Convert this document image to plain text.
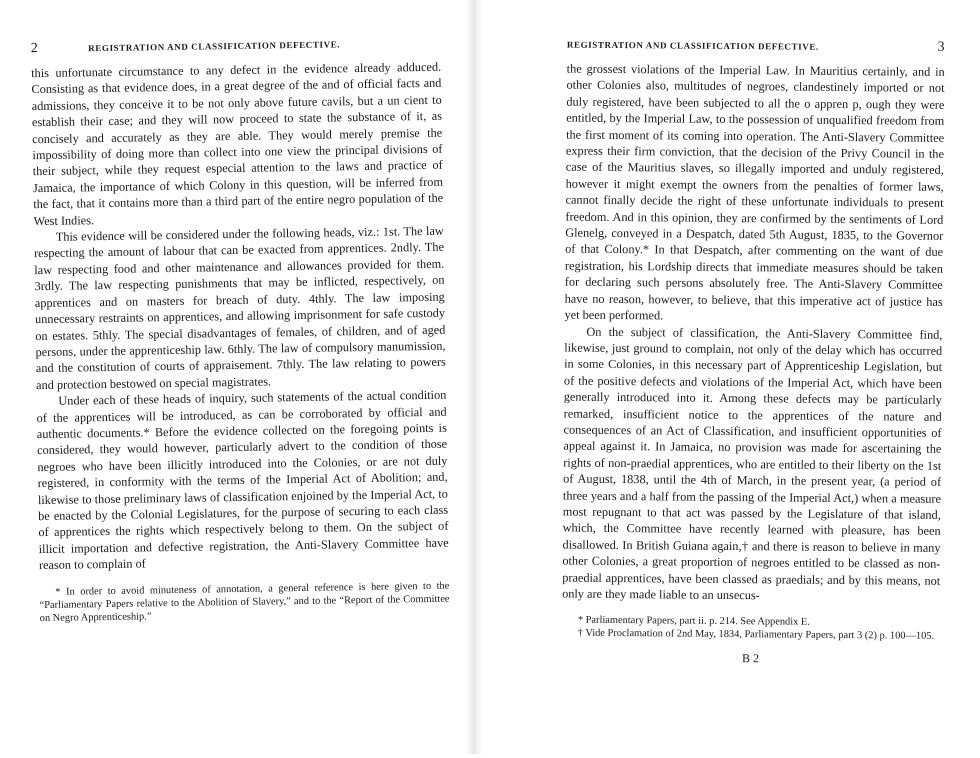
2	REGISTRATION AND CLASSIFICATION DEFECTIVE.

this unfortunate circumstance to any defect in the evidence already adduced. Consisting as that evidence does, in a great degree of the and of official facts and admissions, they conceive it to be not only above future cavils, but a un cient to establish their case; and they will now proceed to state the substance of it, as concisely and accurately as they are able. They would merely premise the impossibility of doing more than collect into one view the principal divisions of their subject, while they request especial attention to the laws and practice of Jamaica, the importance of which Colony in this question, will be inferred from the fact, that it contains more than a third part of the entire negro population of the West Indies.

This evidence will be considered under the following heads, viz.: 1st. The law respecting the amount of labour that can be exacted from apprentices. 2ndly. The law respecting food and other maintenance and allowances provided for them. 3rdly. The law respecting punishments that may be inflicted, respectively, on apprentices and on masters for breach of duty. 4thly. The law imposing unnecessary restraints on apprentices, and allowing imprisonment for safe custody on estates. 5thly. The special disadvantages of females, of children, and of aged persons, under the apprenticeship law. 6thly. The law of compulsory manumission, and the constitution of courts of appraisement. 7thly. The law relating to powers and protection bestowed on special magistrates.

Under each of these heads of inquiry, such statements of the actual condition of the apprentices will be introduced, as can be corroborated by official and authentic documents.* Before the evidence collected on the foregoing points is considered, they would however, particularly advert to the condition of those negroes who have been illicitly introduced into the Colonies, or are not duly registered, in conformity with the terms of the Imperial Act of Abolition; and, likewise to those preliminary laws of classification enjoined by the Imperial Act, to be enacted by the Colonial Legislatures, for the purpose of securing to each class of apprentices the rights which respectively belong to them. On the subject of illicit importation and defective registration, the Anti-Slavery Committee have reason to complain of

* In order to avoid minuteness of annotation, a general reference is here given to the “Parliamentary Papers relative to the Abolition of Slavery,” and to the “Report of the Committee on Negro Apprenticeship.”

REGISTRATION AND CLASSIFICATION DEFECTIVE.	3

the grossest violations of the Imperial Law. In Mauritius certainly, and in other Colonies also, multitudes of negroes, clandestinely imported or not duly registered, have been subjected to all the o appren p, ough they were entitled, by the Imperial Law, to the possession of unqualified freedom from the first moment of its coming into operation. The Anti-Slavery Committee express their firm conviction, that the decision of the Privy Council in the case of the Mauritius slaves, so illegally imported and unduly registered, however it might exempt the owners from the penalties of former laws, cannot finally decide the right of these unfortunate individuals to present freedom. And in this opinion, they are confirmed by the sentiments of Lord Glenelg, conveyed in a Despatch, dated 5th August, 1835, to the Governor of that Colony.* In that Despatch, after commenting on the want of due registration, his Lordship directs that immediate measures should be taken for declaring such persons absolutely free. The Anti-Slavery Committee have no reason, however, to believe, that this imperative act of justice has yet been performed.

On the subject of classification, the Anti-Slavery Committee find, likewise, just ground to complain, not only of the delay which has occurred in some Colonies, in this necessary part of Apprenticeship Legislation, but of the positive defects and violations of the Imperial Act, which have been generally introduced into it. Among these defects may be particularly remarked, insufficient notice to the apprentices of the nature and consequences of an Act of Classification, and insufficient opportunities of appeal against it. In Jamaica, no provision was made for ascertaining the rights of non-praedial apprentices, who are entitled to their liberty on the 1st of August, 1838, until the 4th of March, in the present year, (a period of three years and a half from the passing of the Imperial Act,) when a measure most repugnant to that act was passed by the Legislature of that island, which, the Committee have recently learned with pleasure, has been disallowed. In British Guiana again,† and there is reason to believe in many other Colonies, a great proportion of negroes entitled to be classed as non-praedial apprentices, have been classed as praedials; and by this means, not only are they made liable to an unsecus-

* Parliamentary Papers, part ii. p. 214. See Appendix E.

† Vide Proclamation of 2nd May, 1834, Parliamentary Papers, part 3 (2) p. 100—105.

B 2
